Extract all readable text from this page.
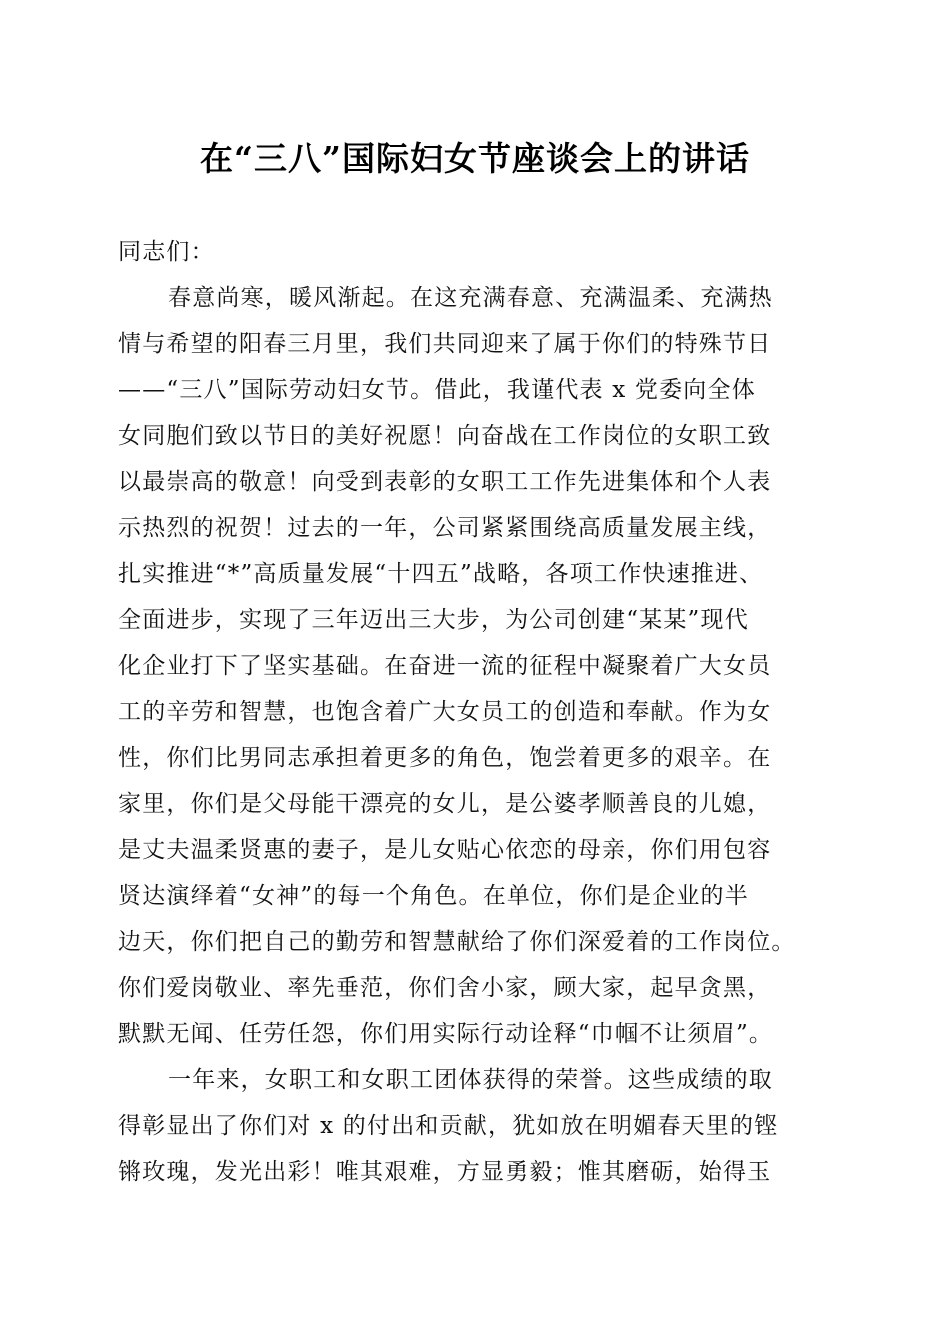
在“三八”国际妇女节座谈会上的讲话
同志们：
春意尚寒，暖风渐起。在这充满春意、充满温柔、充满热
情与希望的阳春三月里，我们共同迎来了属于你们的特殊节日
——“三八”国际劳动妇女节。借此，我谨代表 x 党委向全体
女同胞们致以节日的美好祝愿！向奋战在工作岗位的女职工致
以最崇高的敬意！向受到表彰的女职工工作先进集体和个人表
示热烈的祝贺！过去的一年，公司紧紧围绕高质量发展主线，
扎实推进“*”高质量发展“十四五”战略，各项工作快速推进、
全面进步，实现了三年迈出三大步，为公司创建“某某”现代
化企业打下了坚实基础。在奋进一流的征程中凝聚着广大女员
工的辛劳和智慧，也饱含着广大女员工的创造和奉献。作为女
性，你们比男同志承担着更多的角色，饱尝着更多的艰辛。在
家里，你们是父母能干漂亮的女儿，是公婆孝顺善良的儿媳，
是丈夫温柔贤惠的妻子，是儿女贴心依恋的母亲，你们用包容
贤达演绎着“女神”的每一个角色。在单位，你们是企业的半
边天，你们把自己的勤劳和智慧献给了你们深爱着的工作岗位。
你们爱岗敬业、率先垂范，你们舍小家，顾大家，起早贪黑，
默默无闻、任劳任怨，你们用实际行动诠释“巾帼不让须眉”。
一年来，女职工和女职工团体获得的荣誉。这些成绩的取
得彰显出了你们对 x 的付出和贡献，犹如放在明媚春天里的铿
锵玫瑰，发光出彩！唯其艰难，方显勇毅；惟其磨砺，始得玉
